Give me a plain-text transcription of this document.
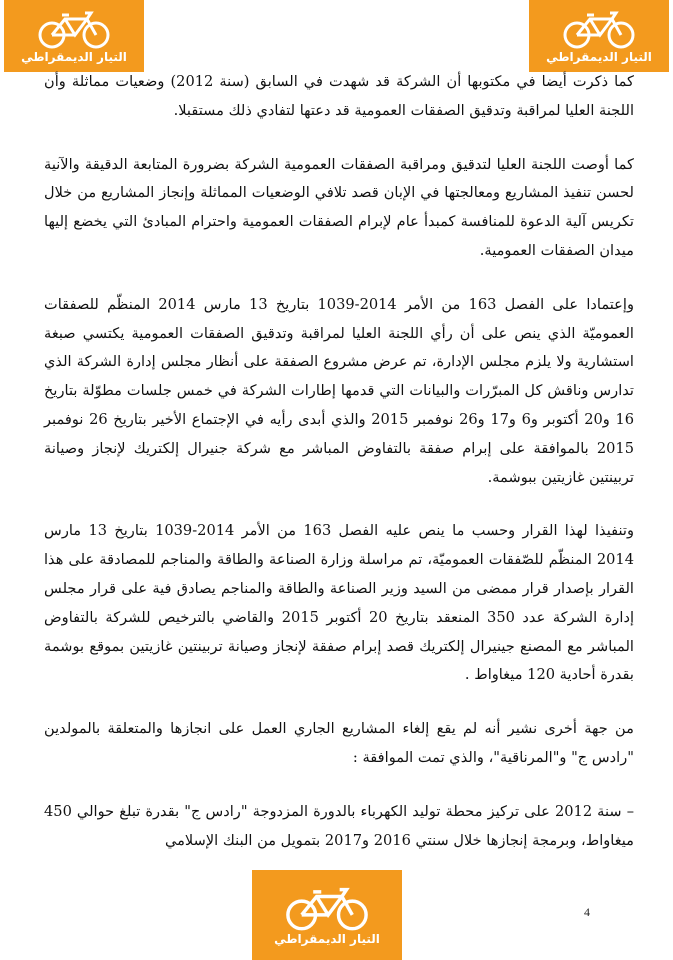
التيار الديمقراطي	التيار الديمقراطي

كما ذكرت أيضا في مكتوبها أن الشركة قد شهدت في السابق (سنة 2012) وضعيات مماثلة وأن اللجنة العليا لمراقبة وتدقيق الصفقات العمومية قد دعتها لتفادي ذلك مستقبلا.

كما أوصت اللجنة العليا لتدقيق ومراقبة الصفقات العمومية الشركة بضرورة المتابعة الدقيقة والآنية لحسن تنفيذ المشاريع ومعالجتها في الإبان قصد تلافي الوضعيات المماثلة وإنجاز المشاريع من خلال تكريس آلية الدعوة للمنافسة كمبدأ عام لإبرام الصفقات العمومية واحترام المبادئ التي يخضع إليها ميدان الصفقات العمومية.

وإعتمادا على الفصل 163 من الأمر 2014-1039 بتاريخ 13 مارس 2014 المنظّم للصفقات العموميّة الذي ينص على أن رأي اللجنة العليا لمراقبة وتدقيق الصفقات العمومية يكتسي صبغة استشارية ولا يلزم مجلس الإدارة، تم عرض مشروع الصفقة على أنظار مجلس إدارة الشركة الذي تدارس وناقش كل المبرّرات والبيانات التي قدمها إطارات الشركة في خمس جلسات مطوّلة بتاريخ 16 و20 أكتوبر و6 و17 و26 نوفمبر 2015 والذي أبدى رأيه في الإجتماع الأخير بتاريخ 26 نوفمبر 2015 بالموافقة على إبرام صفقة بالتفاوض المباشر مع شركة جنيرال إلكتريك لإنجاز وصيانة تربينتين غازيتين ببوشمة.

وتنفيذا لهذا القرار وحسب ما ينص عليه الفصل 163 من الأمر 2014-1039 بتاريخ 13 مارس 2014 المنظّم للصّفقات العموميّة، تم مراسلة وزارة الصناعة والطاقة والمناجم للمصادقة على هذا القرار بإصدار قرار ممضى من السيد وزير الصناعة والطاقة والمناجم يصادق فية على قرار مجلس إدارة الشركة عدد 350 المنعقد بتاريخ 20 أكتوبر 2015 والقاضي بالترخيص للشركة بالتفاوض المباشر مع المصنع جينيرال إلكتريك قصد إبرام صفقة لإنجاز وصيانة تربينتين غازيتين بموقع بوشمة بقدرة أحادية 120 ميغاواط .

من جهة أخرى نشير أنه لم يقع إلغاء المشاريع الجاري العمل على انجازها والمتعلقة بالمولدين "رادس ج" و"المرناقية"، والذي تمت الموافقة :

– سنة 2012 على تركيز محطة توليد الكهرباء بالدورة المزدوجة "رادس ج" بقدرة تبلغ حوالي 450 ميغاواط، وبرمجة إنجازها خلال سنتي 2016 و2017 بتمويل من البنك الإسلامي

4
التيار الديمقراطي
